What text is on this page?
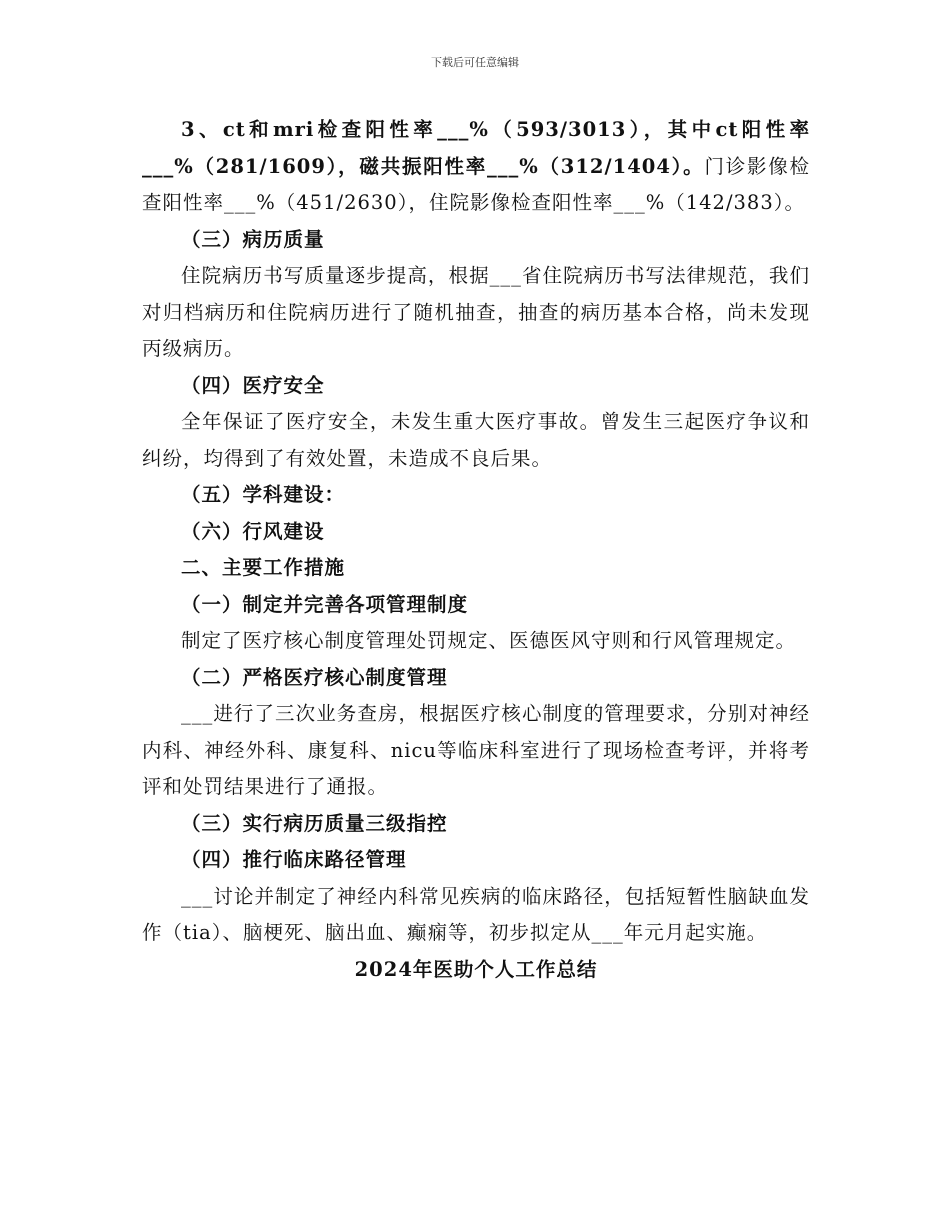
下载后可任意编辑

3、ct和mri检查阳性率___%（593/3013），其中ct阳性率___%（281/1609），磁共振阳性率___%（312/1404）。门诊影像检查阳性率___%（451/2630），住院影像检查阳性率___%（142/383）。

（三）病历质量

住院病历书写质量逐步提高，根据___省住院病历书写法律规范，我们对归档病历和住院病历进行了随机抽查，抽查的病历基本合格，尚未发现丙级病历。

（四）医疗安全

全年保证了医疗安全，未发生重大医疗事故。曾发生三起医疗争议和纠纷，均得到了有效处置，未造成不良后果。

（五）学科建设：

（六）行风建设

二、主要工作措施

（一）制定并完善各项管理制度

制定了医疗核心制度管理处罚规定、医德医风守则和行风管理规定。

（二）严格医疗核心制度管理

___进行了三次业务查房，根据医疗核心制度的管理要求，分别对神经内科、神经外科、康复科、nicu等临床科室进行了现场检查考评，并将考评和处罚结果进行了通报。

（三）实行病历质量三级指控

（四）推行临床路径管理

___讨论并制定了神经内科常见疾病的临床路径，包括短暂性脑缺血发作（tia）、脑梗死、脑出血、癫痫等，初步拟定从___年元月起实施。

2024年医助个人工作总结
